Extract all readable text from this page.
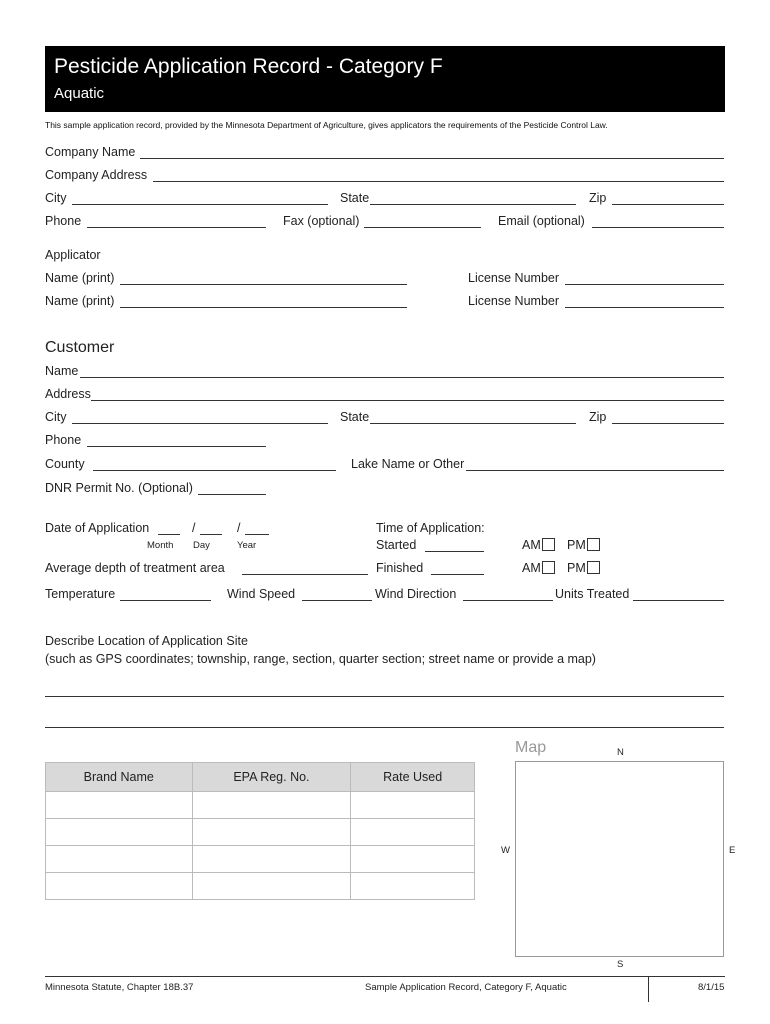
Pesticide Application Record - Category F
Aquatic
This sample application record, provided by the Minnesota Department of Agriculture, gives applicators the requirements of the Pesticide Control Law.
Company Name
Company Address
City	State	Zip
Phone	Fax (optional)	Email (optional)
Applicator
Name (print)	License Number
Name (print)	License Number
Customer
Name
Address
City	State	Zip
Phone
County	Lake Name or Other
DNR Permit No. (Optional)
Date of Application	/	/
Month Day	Year
Time of Application:
Started	AM	PM
Average depth of treatment area	Finished	AM	PM
Temperature	Wind Speed	Wind Direction	Units Treated
Describe Location of Application Site
(such as GPS coordinates; township, range, section, quarter section; street name or provide a map)
Brand Name	EPA Reg. No.	Rate Used

Map	N
W	E
S
Minnesota Statute, Chapter 18B.37	Sample Application Record, Category F, Aquatic	8/1/15
